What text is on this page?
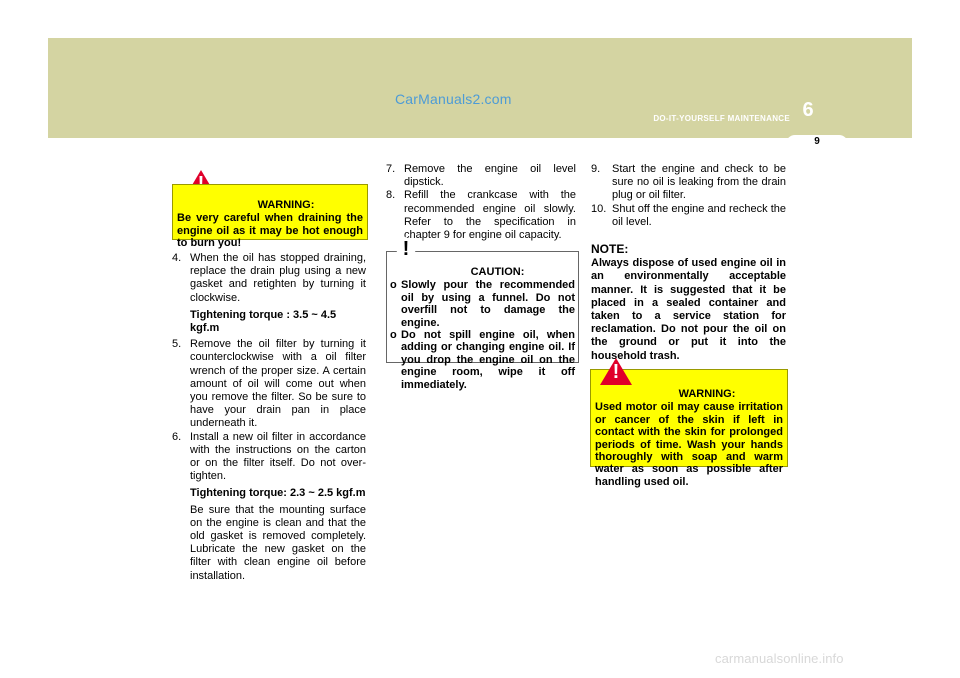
CarManuals2.com
DO-IT-YOURSELF MAINTENANCE 6
9
WARNING:
Be very careful when draining the engine oil as it may be hot enough to burn you!
4. When the oil has stopped draining, replace the drain plug using a new gasket and retighten by turning it clockwise.
Tightening torque : 3.5 ~ 4.5 kgf.m
5. Remove the oil filter by turning it counterclockwise with a oil filter wrench of the proper size. A certain amount of oil will come out when you remove the filter. So be sure to have your drain pan in place underneath it.
6. Install a new oil filter in accordance with the instructions on the carton or on the filter itself. Do not over-tighten.
Tightening torque: 2.3 ~ 2.5 kgf.m
Be sure that the mounting surface on the engine is clean and that the old gasket is removed completely. Lubricate the new gasket on the filter with clean engine oil before installation.
7. Remove the engine oil level dipstick.
8. Refill the crankcase with the recommended engine oil slowly. Refer to the specification in chapter 9 for engine oil capacity.
CAUTION:
o Slowly pour the recommended oil by using a funnel. Do not overfill not to damage the engine.
o Do not spill engine oil, when adding or changing engine oil. If you drop the engine oil on the engine room, wipe it off immediately.
!
9.	Start the engine and check to be sure no oil is leaking from the drain plug or oil filter.
10. Shut off the engine and recheck the oil level.
NOTE:
Always dispose of used engine oil in an environmentally acceptable manner. It is suggested that it be placed in a sealed container and taken to a service station for reclamation. Do not pour the oil on the ground or put it into the household trash.
WARNING:
Used motor oil may cause irritation or cancer of the skin if left in contact with the skin for prolonged periods of time. Wash your hands thoroughly with soap and warm water as soon as possible after handling used oil.
!
carmanualsonline.info
